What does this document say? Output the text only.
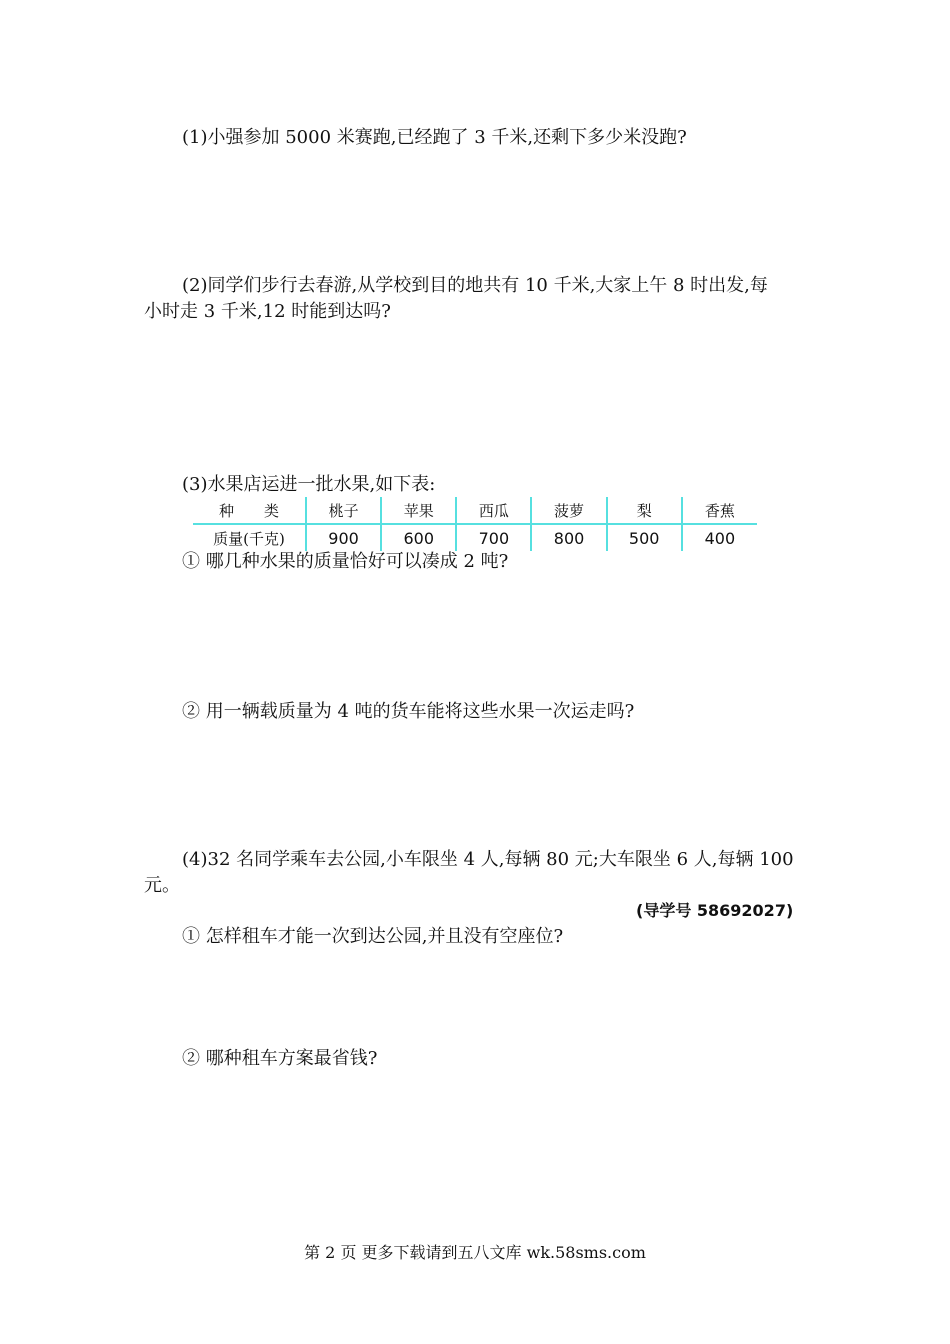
(1)小强参加 5000 米赛跑,已经跑了 3 千米,还剩下多少米没跑?
(2)同学们步行去春游,从学校到目的地共有 10 千米,大家上午 8 时出发,每
小时走 3 千米,12 时能到达吗?
(3)水果店运进一批水果,如下表:
种　　类	桃子	苹果	西瓜	菠萝	梨	香蕉
质量(千克)	900	600	700	800	500	400
① 哪几种水果的质量恰好可以凑成 2 吨?
② 用一辆载质量为 4 吨的货车能将这些水果一次运走吗?
(4)32 名同学乘车去公园,小车限坐 4 人,每辆 80 元;大车限坐 6 人,每辆 100
元。
(导学号 58692027)
① 怎样租车才能一次到达公园,并且没有空座位?
② 哪种租车方案最省钱?
第 2 页 更多下载请到五八文库 wk.58sms.com
